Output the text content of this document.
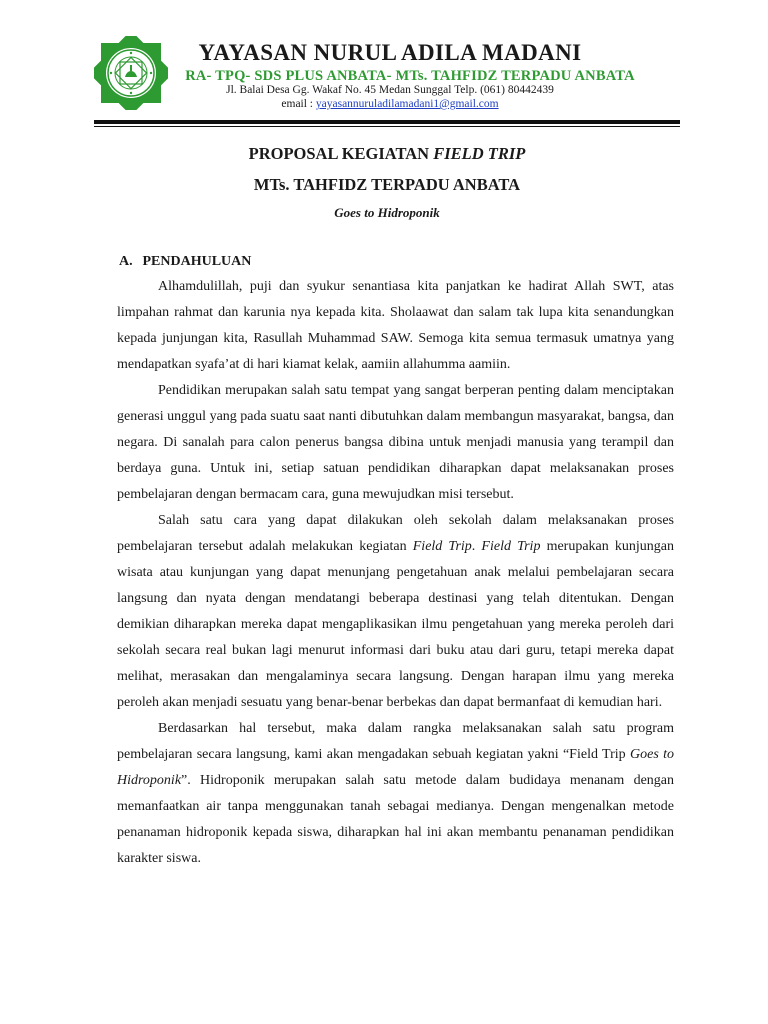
YAYASAN NURUL ADILA MADANI
RA- TPQ- SDS PLUS ANBATA- MTs. TAHFIDZ TERPADU ANBATA
Jl. Balai Desa Gg. Wakaf No. 45 Medan Sunggal Telp. (061) 80442439
email : yayasannuruladilamadani1@gmail.com
PROPOSAL KEGIATAN FIELD TRIP
MTs. TAHFIDZ TERPADU ANBATA
Goes to Hidroponik
A. PENDAHULUAN

Alhamdulillah, puji dan syukur senantiasa kita panjatkan ke hadirat Allah SWT, atas limpahan rahmat dan karunia nya kepada kita. Sholaawat dan salam tak lupa kita senandungkan kepada junjungan kita, Rasullah Muhammad SAW. Semoga kita semua termasuk umatnya yang mendapatkan syafa’at di hari kiamat kelak, aamiin allahumma aamiin.

Pendidikan merupakan salah satu tempat yang sangat berperan penting dalam menciptakan generasi unggul yang pada suatu saat nanti dibutuhkan dalam membangun masyarakat, bangsa, dan negara. Di sanalah para calon penerus bangsa dibina untuk menjadi manusia yang terampil dan berdaya guna. Untuk ini, setiap satuan pendidikan diharapkan dapat melaksanakan proses pembelajaran dengan bermacam cara, guna mewujudkan misi tersebut.

Salah satu cara yang dapat dilakukan oleh sekolah dalam melaksanakan proses pembelajaran tersebut adalah melakukan kegiatan Field Trip. Field Trip merupakan kunjungan wisata atau kunjungan yang dapat menunjang pengetahuan anak melalui pembelajaran secara langsung dan nyata dengan mendatangi beberapa destinasi yang telah ditentukan. Dengan demikian diharapkan mereka dapat mengaplikasikan ilmu pengetahuan yang mereka peroleh dari sekolah secara real bukan lagi menurut informasi dari buku atau dari guru, tetapi mereka dapat melihat, merasakan dan mengalaminya secara langsung. Dengan harapan ilmu yang mereka peroleh akan menjadi sesuatu yang benar-benar berbekas dan dapat bermanfaat di kemudian hari.

Berdasarkan hal tersebut, maka dalam rangka melaksanakan salah satu program pembelajaran secara langsung, kami akan mengadakan sebuah kegiatan yakni “Field Trip Goes to Hidroponik”. Hidroponik merupakan salah satu metode dalam budidaya menanam dengan memanfaatkan air tanpa menggunakan tanah sebagai medianya. Dengan mengenalkan metode penanaman hidroponik kepada siswa, diharapkan hal ini akan membantu penanaman pendidikan karakter siswa.
